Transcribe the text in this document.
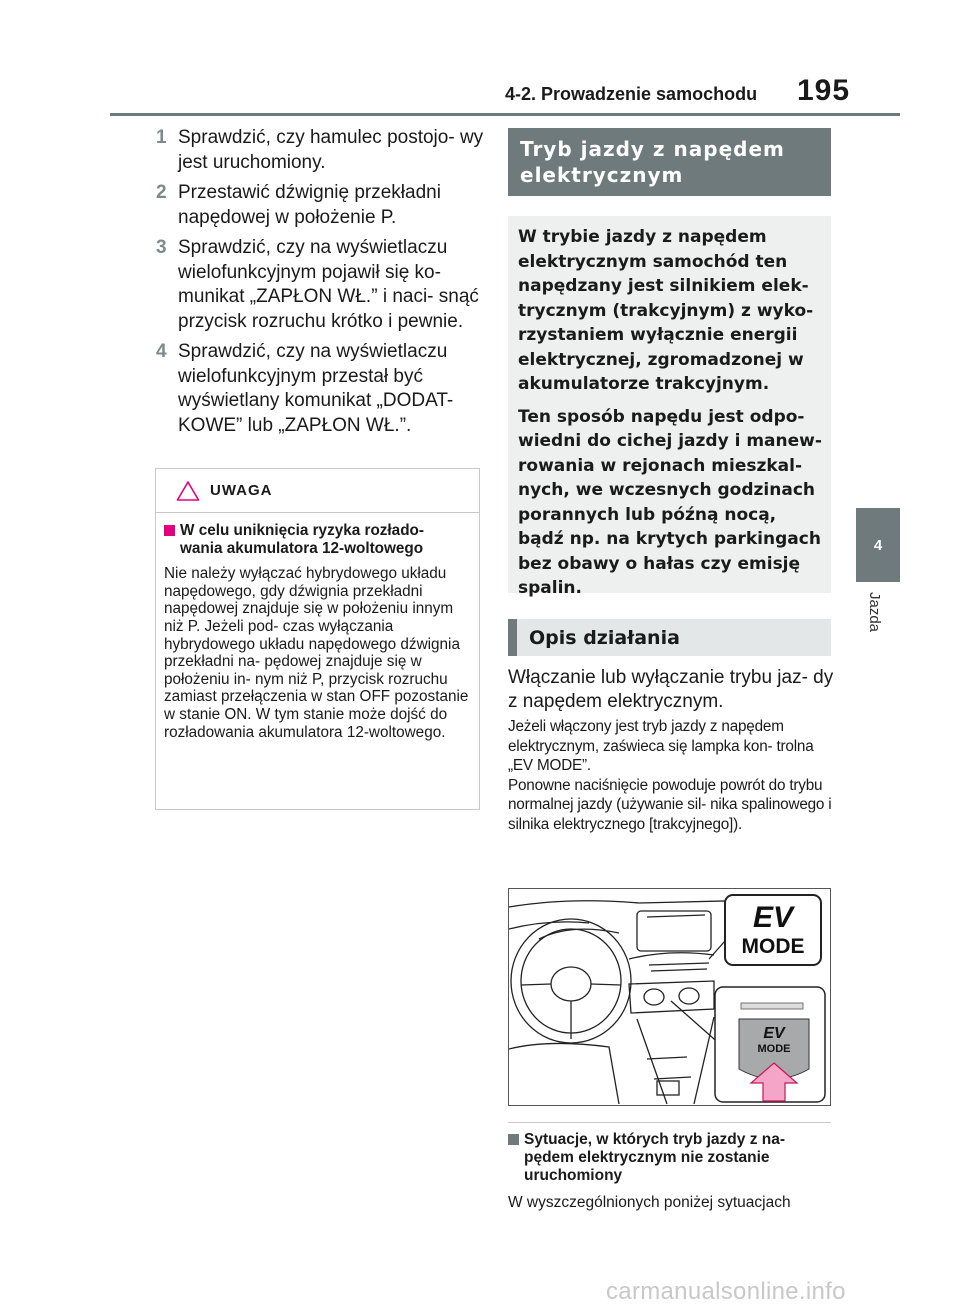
4-2. Prowadzenie samochodu 195
4
Jazda
1 Sprawdzić, czy hamulec postojo- wy jest uruchomiony.
2 Przestawić dźwignię przekładni napędowej w położenie P.
3 Sprawdzić, czy na wyświetlaczu wielofunkcyjnym pojawił się ko- munikat „ZAPŁON WŁ.” i naci- snąć przycisk rozruchu krótko i pewnie.
4 Sprawdzić, czy na wyświetlaczu wielofunkcyjnym przestał być wyświetlany komunikat „DODAT- KOWE” lub „ZAPŁON WŁ.”.
UWAGA
W celu uniknięcia ryzyka rozłado- wania akumulatora 12-woltowego
Nie należy wyłączać hybrydowego układu napędowego, gdy dźwignia przekładni napędowej znajduje się w położeniu innym niż P. Jeżeli pod- czas wyłączania hybrydowego układu napędowego dźwignia przekładni na- pędowej znajduje się w położeniu in- nym niż P, przycisk rozruchu zamiast przełączenia w stan OFF pozostanie w stanie ON. W tym stanie może dojść do rozładowania akumulatora 12-woltowego.
Tryb jazdy z napędem
elektrycznym

W trybie jazdy z napędem elektrycznym samochód ten napędzany jest silnikiem elek- trycznym (trakcyjnym) z wyko- rzystaniem wyłącznie energii elektrycznej, zgromadzonej w akumulatorze trakcyjnym.

Ten sposób napędu jest odpo- wiedni do cichej jazdy i manew- rowania w rejonach mieszkal- nych, we wczesnych godzinach porannych lub późną nocą, bądź np. na krytych parkingach bez obawy o hałas czy emisję spalin.

Opis działania
Włączanie lub wyłączanie trybu jaz- dy z napędem elektrycznym.

Jeżeli włączony jest tryb jazdy z napędem elektrycznym, zaświeca się lampka kon- trolna „EV MODE”.

Ponowne naciśnięcie powoduje powrót do trybu normalnej jazdy (używanie sil- nika spalinowego i silnika elektrycznego [trakcyjnego]).

EV
MODE
EV
MODE
Sytuacje, w których tryb jazdy z na- pędem elektrycznym nie zostanie uruchomiony
W wyszczególnionych poniżej sytuacjach
carmanualsonline.info
